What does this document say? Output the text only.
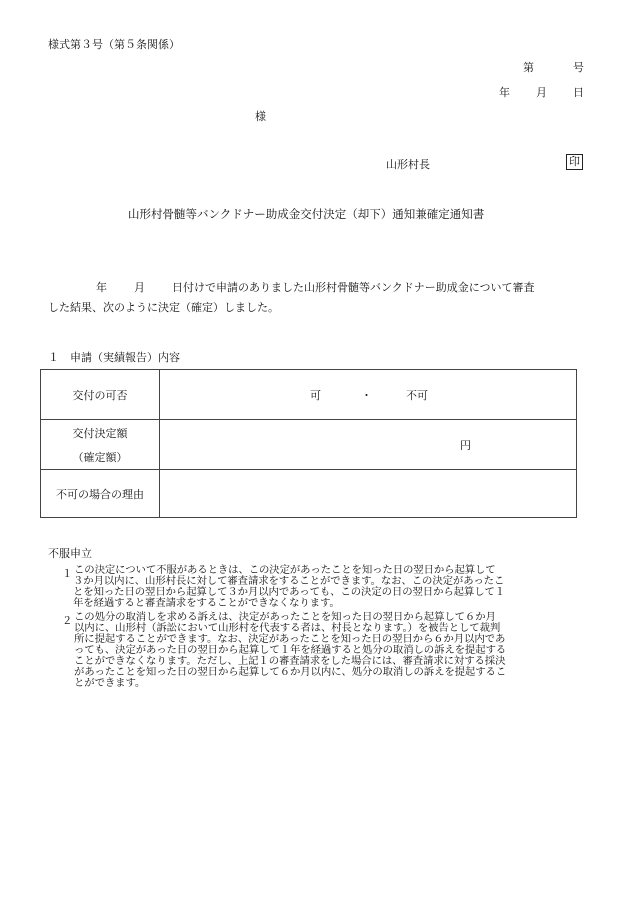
様式第３号（第５条関係）
第	号
年 月 日
様
山形村長	印
山形村骨髄等バンクドナー助成金交付決定（却下）通知兼確定通知書
年 月 日付けで申請のありました山形村骨髄等バンクドナー助成金について審査
した結果、次のように決定（確定）しました。
１　申請（実績報告）内容
交付の可否	可 ・ 不可

交付決定額
（確定額）	円

不可の場合の理由	
不服申立
１ この決定について不服があるときは、この決定があったことを知った日の翌日から起算して

３か月以内に、山形村長に対して審査請求をすることができます。なお、この決定があったこ

とを知った日の翌日から起算して３か月以内であっても、この決定の日の翌日から起算して１

年を経過すると審査請求をすることができなくなります。

２ この処分の取消しを求める訴えは、決定があったことを知った日の翌日から起算して６か月

以内に、山形村（訴訟において山形村を代表する者は、村長となります。）を被告として裁判

所に提起することができます。なお、決定があったことを知った日の翌日から６か月以内であ

っても、決定があった日の翌日から起算して１年を経過すると処分の取消しの訴えを提起する

ことができなくなります。ただし、上記１の審査請求をした場合には、審査請求に対する採決

があったことを知った日の翌日から起算して６か月以内に、処分の取消しの訴えを提起するこ

とができます。
